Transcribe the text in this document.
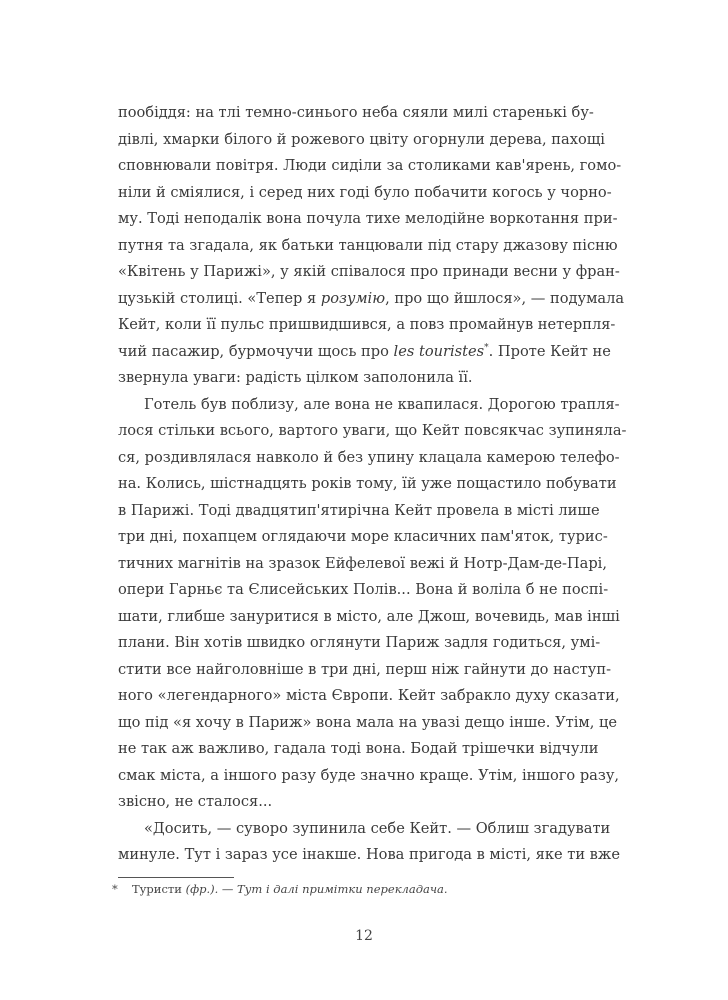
пообіддя: на тлі темно-синього неба сяяли милі старенькі бу-
дівлі, хмарки білого й рожевого цвіту огорнули дерева, пахощі
сповнювали повітря. Люди сиділи за столиками кав'ярень, гомо-
ніли й сміялися, і серед них годі було побачити когось у чорно-
му. Тоді неподалік вона почула тихе мелодійне воркотання при-
путня та згадала, як батьки танцювали під стару джазову пісню
«Квітень у Парижі», у якій співалося про принади весни у фран-
цузькій столиці. «Тепер я розумію, про що йшлося», — подумала
Кейт, коли її пульс пришвидшився, а повз промайнув нетерпля-
чий пасажир, бурмочучи щось про les touristes*. Проте Кейт не
звернула уваги: радість цілком заполонила її.
Готель був поблизу, але вона не квапилася. Дорогою трапля-
лося стільки всього, вартого уваги, що Кейт повсякчас зупиняла-
ся, роздивлялася навколо й без упину клацала камерою телефо-
на. Колись, шістнадцять років тому, їй уже пощастило побувати
в Парижі. Тоді двадцятип'ятирічна Кейт провела в місті лише
три дні, похапцем оглядаючи море класичних пам'яток, турис-
тичних магнітів на зразок Ейфелевої вежі й Нотр-Дам-де-Парі,
опери Гарньє та Єлисейських Полів... Вона й воліла б не поспі-
шати, глибше зануритися в місто, але Джош, вочевидь, мав інші
плани. Він хотів швидко оглянути Париж задля годиться, умі-
стити все найголовніше в три дні, перш ніж гайнути до наступ-
ного «легендарного» міста Європи. Кейт забракло духу сказати,
що під «я хочу в Париж» вона мала на увазі дещо інше. Утім, це
не так аж важливо, гадала тоді вона. Бодай трішечки відчули
смак міста, а іншого разу буде значно краще. Утім, іншого разу,
звісно, не сталося...
«Досить, — суворо зупинила себе Кейт. — Облиш згадувати
минуле. Тут і зараз усе інакше. Нова пригода в місті, яке ти вже
* Туристи (фр.). — Тут і далі примітки перекладача.
12
